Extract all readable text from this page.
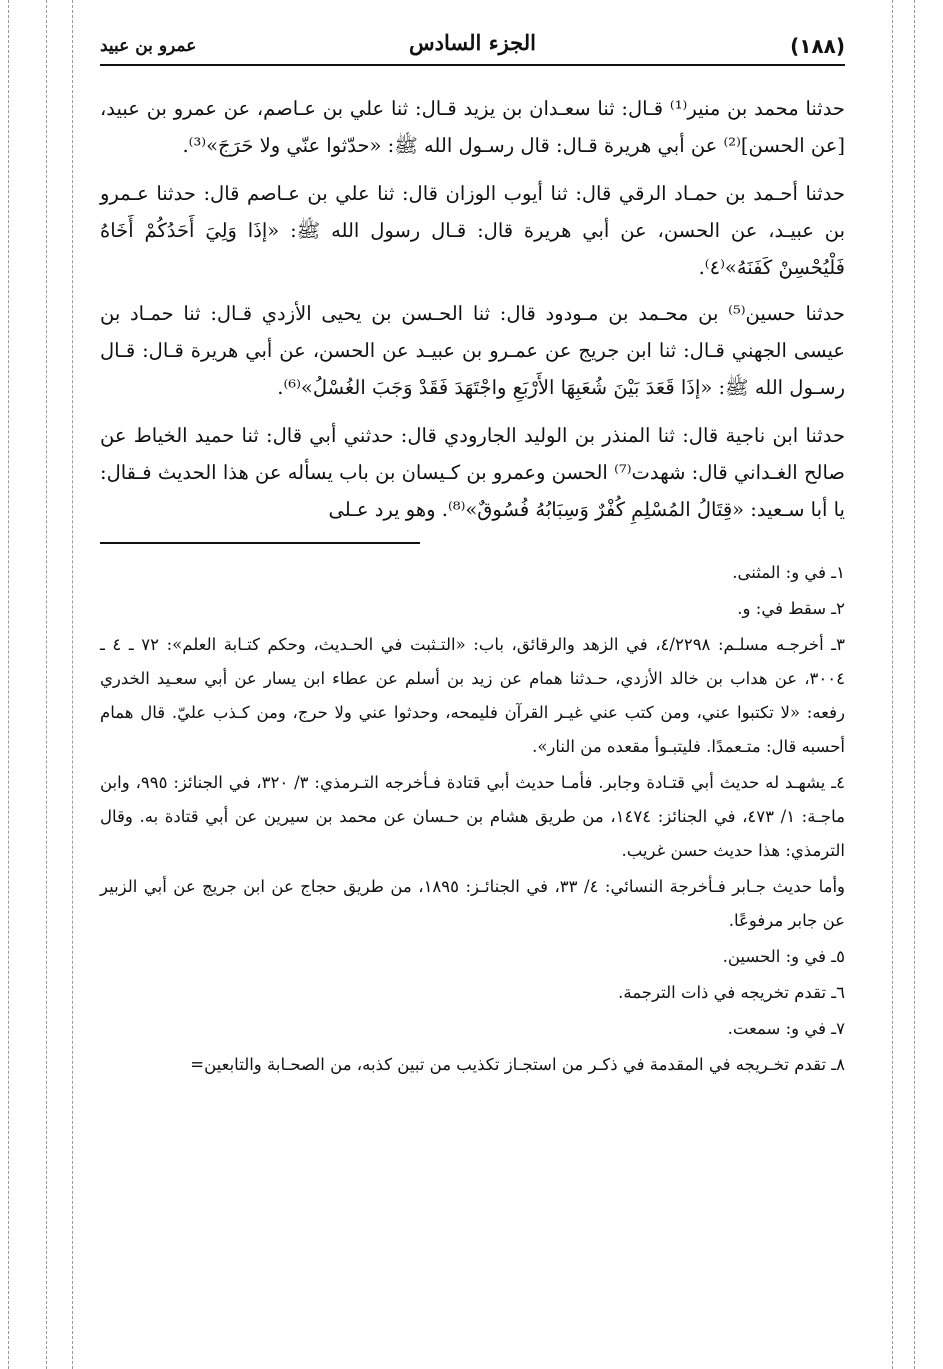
(١٨٨)
الجزء السادس
عمرو بن عبيد

حدثنا محمد بن منير⁽¹⁾ قـال: ثنا سعـدان بن يزيد قـال: ثنا علي بن عـاصم، عن عمرو بن عبيد، [عن الحسن]⁽²⁾ عن أبي هريرة قـال: قال رسـول الله ﷺ: «حدّثوا عنّي ولا حَرَجَ»⁽³⁾.

حدثنا أحـمد بن حمـاد الرقي قال: ثنا أيوب الوزان قال: ثنا علي بن عـاصم قال: حدثنا عـمرو بن عبيـد، عن الحسن، عن أبي هريرة قال: قـال رسول الله ﷺ: «إذَا وَلِيَ أَحَدُكُمْ أَخَاهُ فَلْيُحْسِنْ كَفَنَهُ»⁽٤⁾.

حدثنا حسين⁽⁵⁾ بن محـمد بن مـودود قال: ثنا الحـسن بن يحيى الأزدي قـال: ثنا حمـاد بن عيسى الجهني قـال: ثنا ابن جريج عن عمـرو بن عبيـد عن الحسن، عن أبي هريرة قـال: قـال رسـول الله ﷺ: «إذَا قَعَدَ بَيْنَ شُعَبِهَا الأَرْبَعِ واجْتَهَدَ فَقَدْ وَجَبَ الغُسْلُ»⁽⁶⁾.

حدثنا ابن ناجية قال: ثنا المنذر بن الوليد الجارودي قال: حدثني أبي قال: ثنا حميد الخياط عن صالح الغـداني قال: شهدت⁽⁷⁾ الحسن وعمرو بن كـيسان بن باب يسأله عن هذا الحديث فـقال: يا أبا سـعيد: «قِتَالُ المُسْلِمِ كُفْرٌ وَسِبَابُهُ فُسُوقٌ»⁽⁸⁾. وهو يرد عـلى

١ـ في و: المثنى.

٢ـ سقط في: و.

٣ـ أخرجـه مسلـم: ٤/٢٢٩٨، في الزهد والرقائق، باب: «التـثبت في الحـديث، وحكم كتـابة العلم»: ٧٢ ـ ٤ ـ ٣٠٠٤، عن هداب بن خالد الأزدي، حـدثنا همام عن زيد بن أسلم عن عطاء ابن يسار عن أبي سعـيد الخدري رفعه: «لا تكتبوا عني، ومن كتب عني غيـر القرآن فليمحه، وحدثوا عني ولا حرج، ومن كـذب عليّ. قال همام أحسبه قال: متـعمدًا. فليتبـوأ مقعده من النار».

٤ـ يشهـد له حديث أبي قتـادة وجابر. فأمـا حديث أبي قتادة فـأخرجه التـرمذي: ٣/ ٣٢٠، في الجنائز: ٩٩٥، وابن ماجـة: ١/ ٤٧٣، في الجنائز: ١٤٧٤، من طريق هشام بن حـسان عن محمد بن سيرين عن أبي قتادة به. وقال الترمذي: هذا حديث حسن غريب.

وأما حديث جـابر فـأخرجة النسائي: ٤/ ٣٣، في الجنائـز: ١٨٩٥، من طريق حجاج عن ابن جريج عن أبي الزبير عن جابر مرفوعًا.

٥ـ في و: الحسين.

٦ـ تقدم تخريجه في ذات الترجمة.

٧ـ في و: سمعت.

٨ـ تقدم تخـريجه في المقدمة في ذكـر من استجـاز تكذيب من تبين كذبه، من الصحـابة والتابعين=
